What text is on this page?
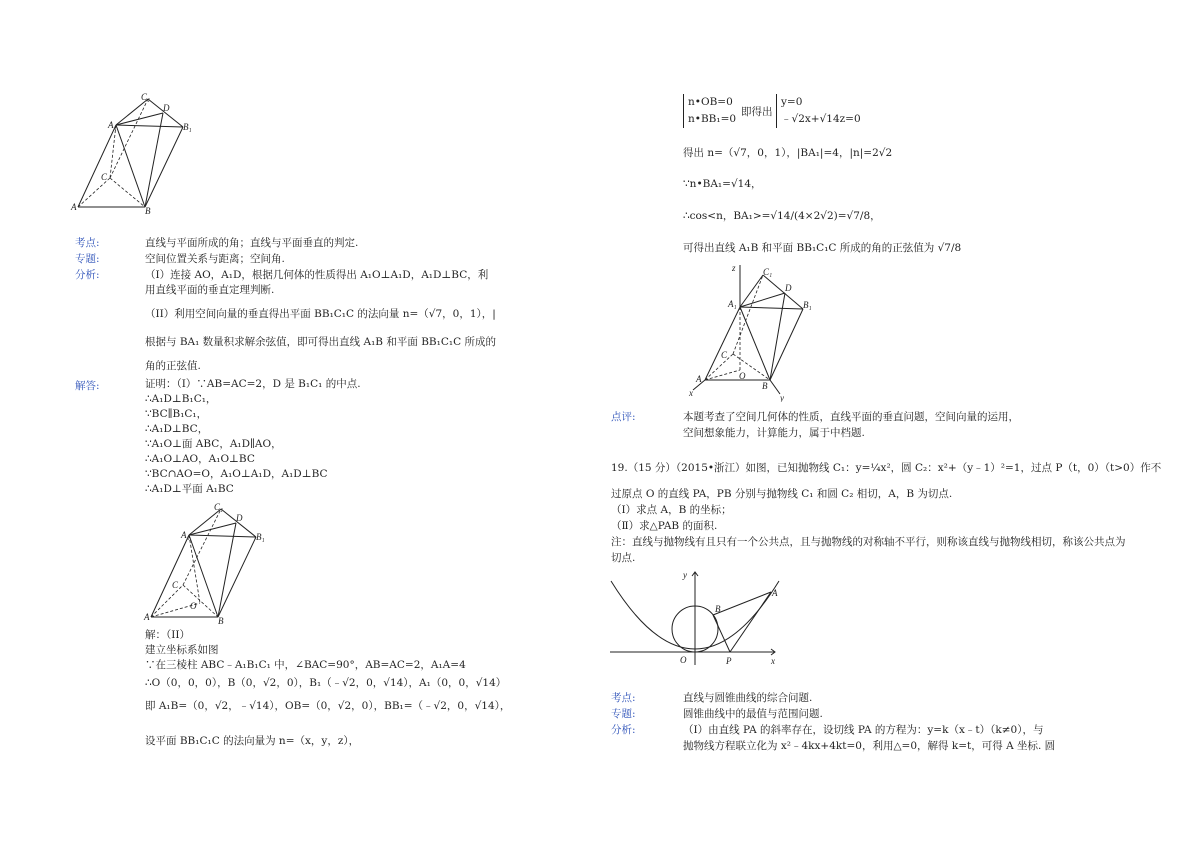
C₁
D
A₁	B₁
C
A	B
考点:	直线与平面所成的角；直线与平面垂直的判定.
专题:	空间位置关系与距离；空间角.
分析:	（I）连接 AO，A₁D，根据几何体的性质得出 A₁O⊥A₁D，A₁D⊥BC，利
用直线平面的垂直定理判断.
（II）利用空间向量的垂直得出平面 BB₁C₁C 的法向量 n=（√7，0，1），|
根据与 BA₁ 数量积求解余弦值，即可得出直线 A₁B 和平面 BB₁C₁C 所成的
角的正弦值.
解答:	证明：（I）∵AB=AC=2，D 是 B₁C₁ 的中点.
∴A₁D⊥B₁C₁，
∵BC∥B₁C₁，
∴A₁D⊥BC，
∵A₁O⊥面 ABC，A₁D∥AO，
∴A₁O⊥AO，A₁O⊥BC
∵BC∩AO=O，A₁O⊥A₁D，A₁D⊥BC
∴A₁D⊥平面 A₁BC
C₁
D
A₁	B₁
C
O
A	B
解：（II）
建立坐标系如图
∵在三棱柱 ABC﹣A₁B₁C₁ 中，∠BAC=90°，AB=AC=2，A₁A=4
∴O（0，0，0），B（0，√2，0），B₁（﹣√2，0，√14），A₁（0，0，√14）
即 A₁B=（0，√2，﹣√14），OB=（0，√2，0），BB₁=（﹣√2，0，√14），
设平面 BB₁C₁C 的法向量为 n=（x，y，z），
n•OB=0
n•BB₁=0
即得出
y=0
﹣√2x+√14z=0
得出 n=（√7，0，1），|BA₁|=4，|n|=2√2
∵n•BA₁=√14，
∴cos<n，BA₁>=√14/(4×2√2)=√7/8，
可得出直线 A₁B 和平面 BB₁C₁C 所成的角的正弦值为 √7/8
z	C₁
D
A₁	B₁
C
O
A
B
x	y
点评:	本题考查了空间几何体的性质，直线平面的垂直问题，空间向量的运用，
空间想象能力，计算能力，属于中档题.
19.（15 分）（2015•浙江）如图，已知抛物线 C₁：y=¼x²，圆 C₂：x²+（y﹣1）²=1，过点 P（t，0）（t>0）作不
过原点 O 的直线 PA，PB 分别与抛物线 C₁ 和圆 C₂ 相切，A，B 为切点.
（Ⅰ）求点 A，B 的坐标；
（Ⅱ）求△PAB 的面积.
注：直线与抛物线有且只有一个公共点，且与抛物线的对称轴不平行，则称该直线与抛物线相切，称该公共点为
切点.
y
B
A
O	P	x
考点:	直线与圆锥曲线的综合问题.
专题:	圆锥曲线中的最值与范围问题.
分析:	（I）由直线 PA 的斜率存在，设切线 PA 的方程为：y=k（x﹣t）（k≠0），与
抛物线方程联立化为 x²﹣4kx+4kt=0，利用△=0，解得 k=t，可得 A 坐标. 圆
